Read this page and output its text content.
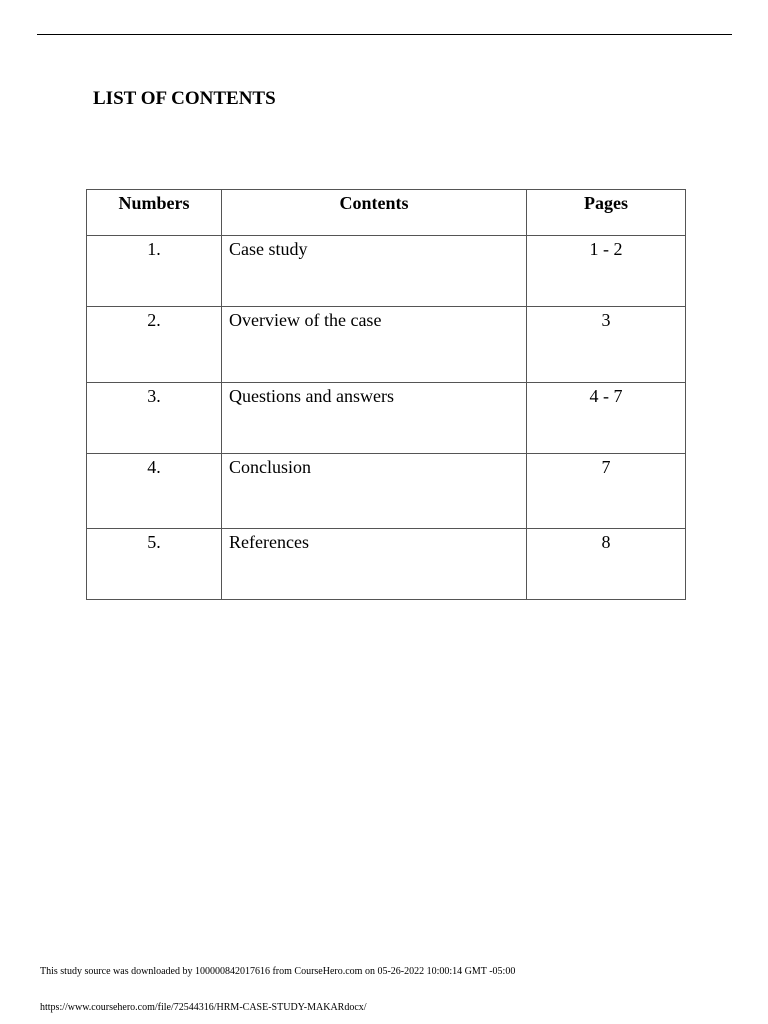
LIST OF CONTENTS
Numbers	Contents	Pages
1.	Case study	1 - 2
2.	Overview of the case	3
3.	Questions and answers	4 - 7
4.	Conclusion	7
5.	References	8
This study source was downloaded by 100000842017616 from CourseHero.com on 05-26-2022 10:00:14 GMT -05:00
https://www.coursehero.com/file/72544316/HRM-CASE-STUDY-MAKARdocx/
